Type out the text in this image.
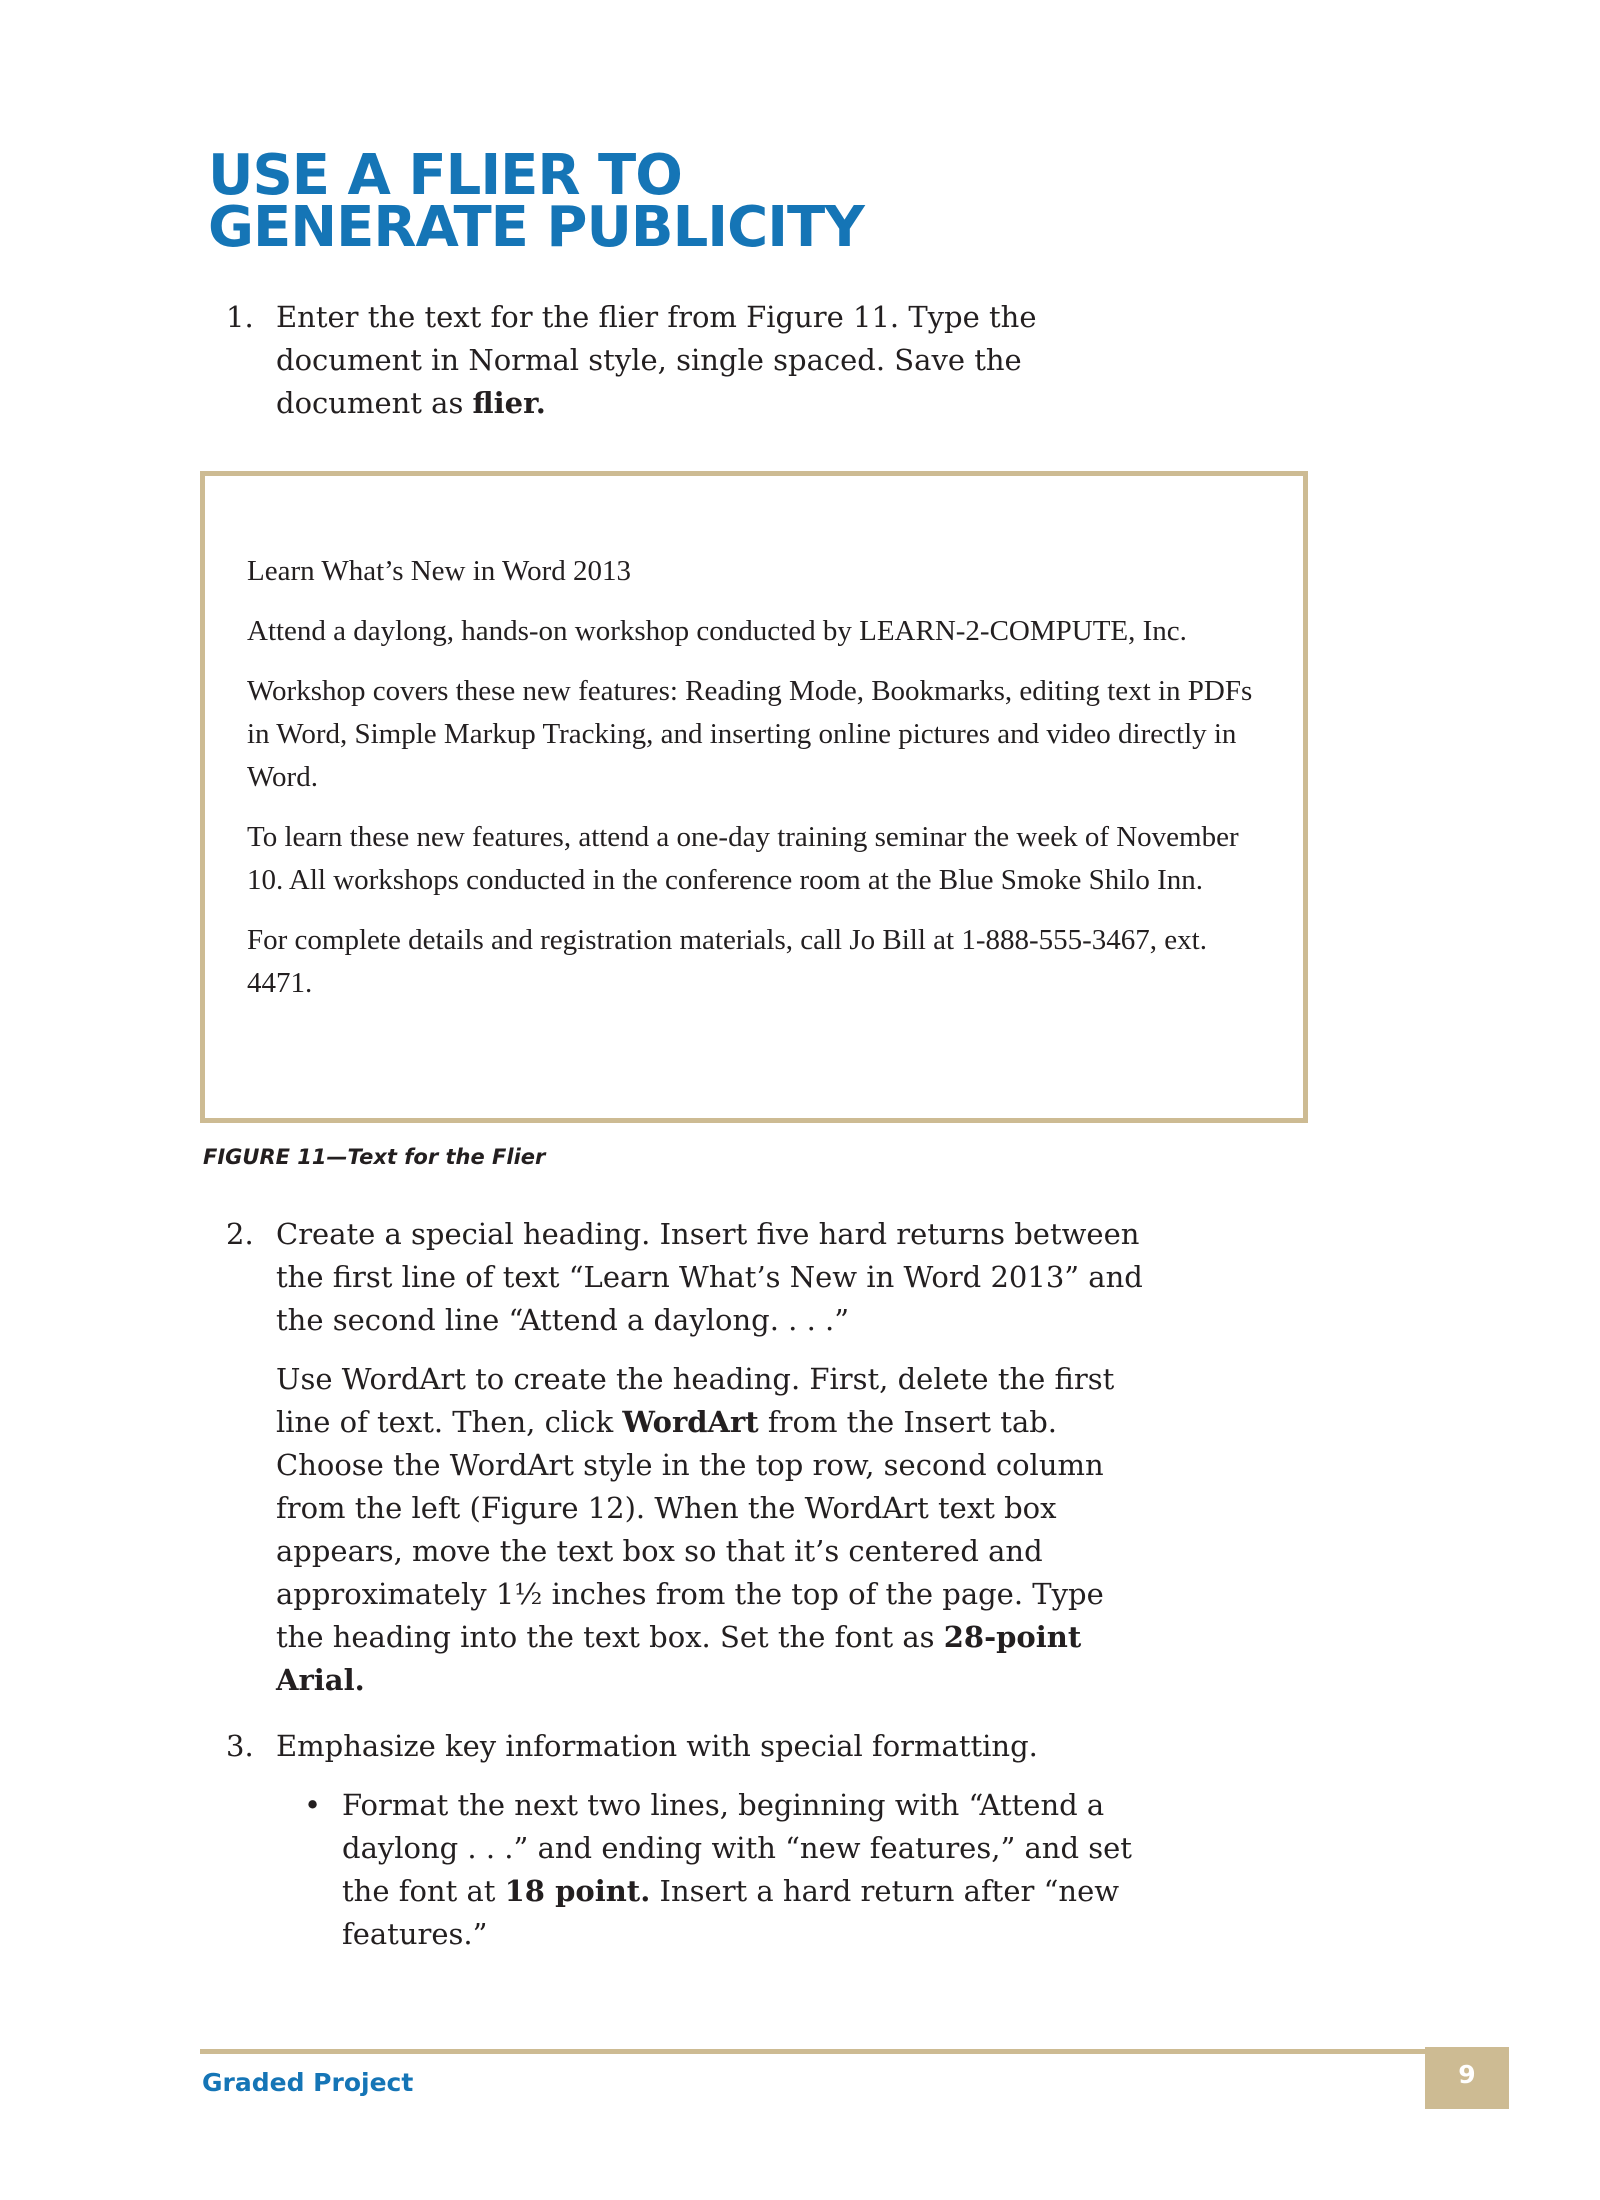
USE A FLIER TO
GENERATE PUBLICITY
1. Enter the text for the flier from Figure 11. Type the document in Normal style, single spaced. Save the document as flier.

Learn What’s New in Word 2013

Attend a daylong, hands-on workshop conducted by LEARN-2-COMPUTE, Inc.

Workshop covers these new features: Reading Mode, Bookmarks, editing text in PDFs in Word, Simple Markup Tracking, and inserting online pictures and video directly in Word.

To learn these new features, attend a one-day training seminar the week of November 10. All workshops conducted in the conference room at the Blue Smoke Shilo Inn.

For complete details and registration materials, call Jo Bill at 1-888-555-3467, ext. 4471.

FIGURE 11—Text for the Flier
2. Create a special heading. Insert five hard returns between the first line of text “Learn What’s New in Word 2013” and the second line “Attend a daylong. . . .”

Use WordArt to create the heading. First, delete the first line of text. Then, click WordArt from the Insert tab. Choose the WordArt style in the top row, second column from the left (Figure 12). When the WordArt text box appears, move the text box so that it’s centered and approximately 1½ inches from the top of the page. Type the heading into the text box. Set the font as 28-point Arial.

3. Emphasize key information with special formatting.

• Format the next two lines, beginning with “Attend a daylong . . .” and ending with “new features,” and set the font at 18 point. Insert a hard return after “new features.”
Graded Project	9
